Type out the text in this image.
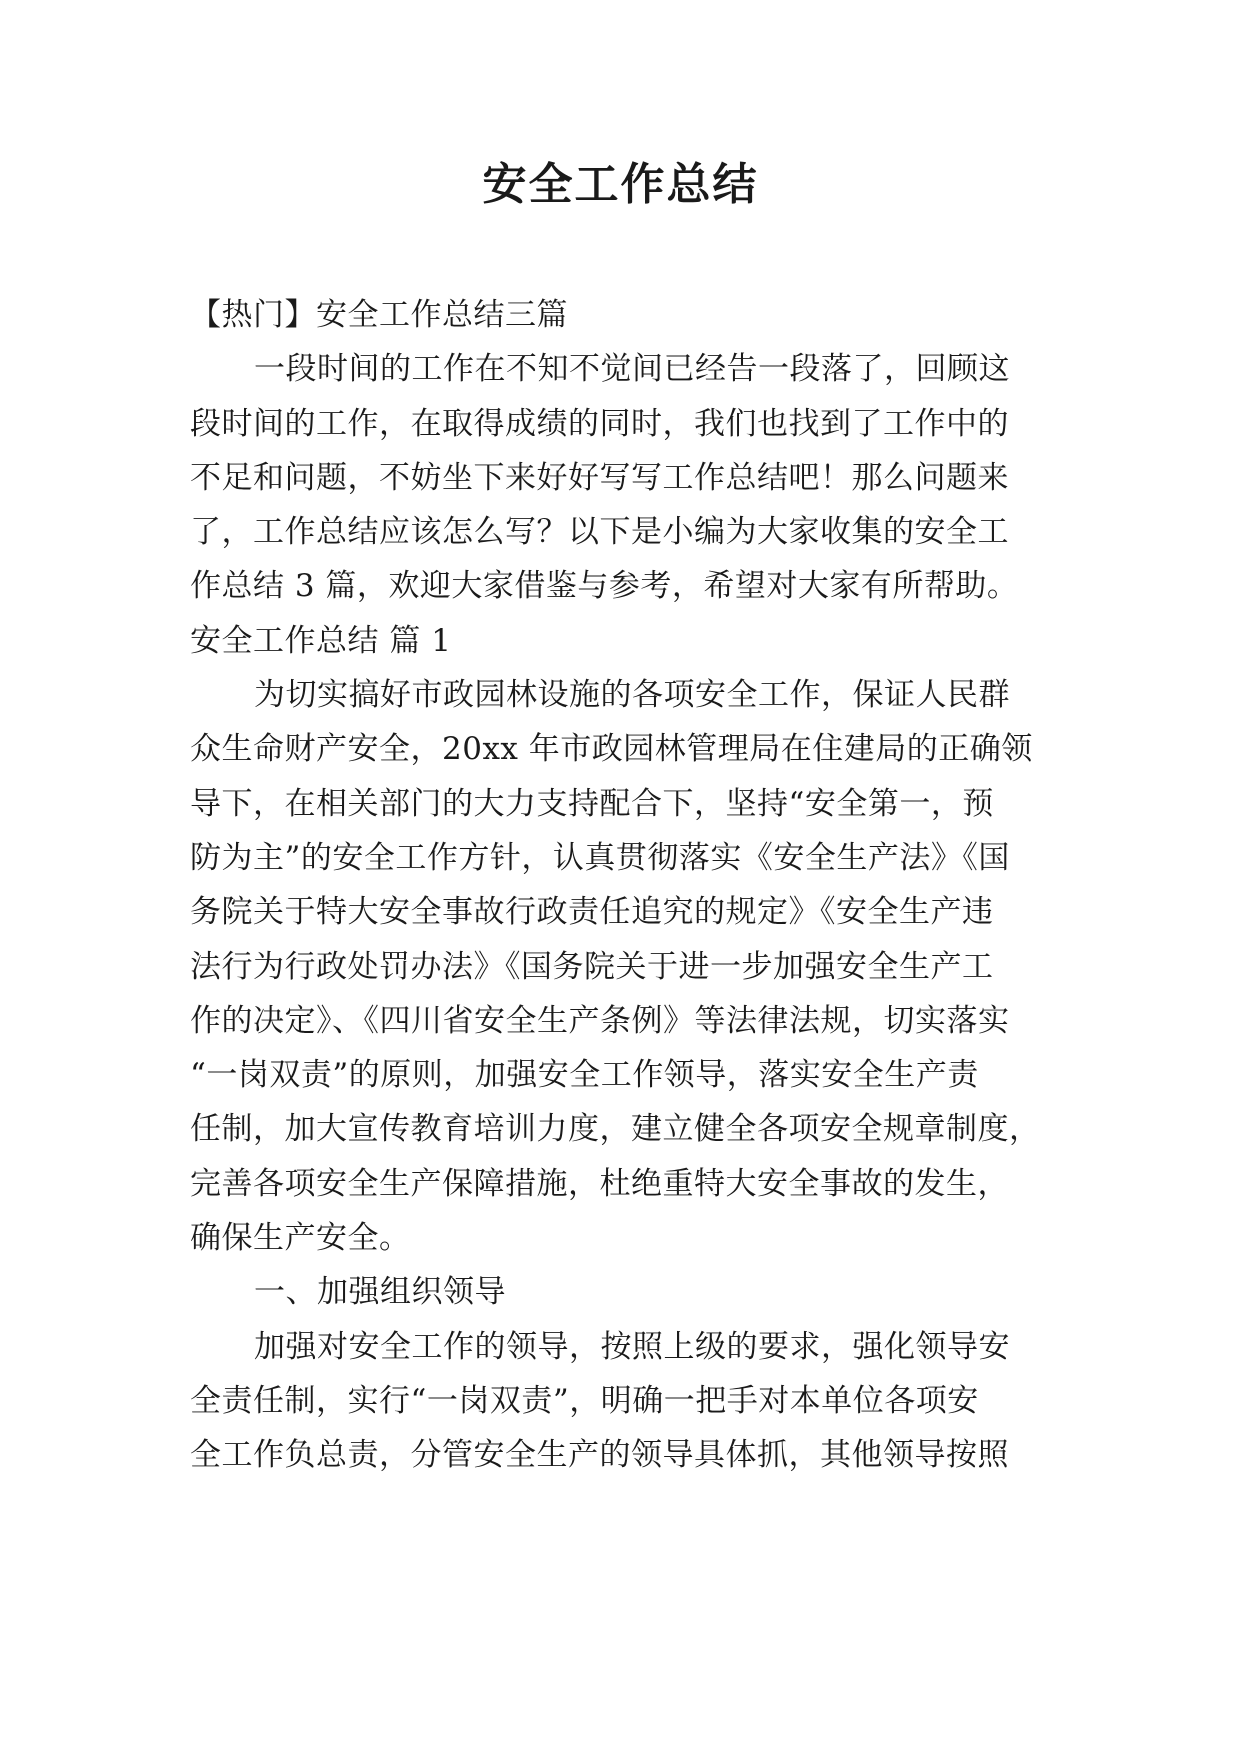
安全工作总结

【热门】安全工作总结三篇

一段时间的工作在不知不觉间已经告一段落了，回顾这

段时间的工作，在取得成绩的同时，我们也找到了工作中的

不足和问题，不妨坐下来好好写写工作总结吧！那么问题来

了，工作总结应该怎么写？以下是小编为大家收集的安全工

作总结 3 篇，欢迎大家借鉴与参考，希望对大家有所帮助。

安全工作总结 篇 1

为切实搞好市政园林设施的各项安全工作，保证人民群

众生命财产安全，20xx 年市政园林管理局在住建局的正确领

导下，在相关部门的大力支持配合下，坚持“安全第一，预

防为主”的安全工作方针，认真贯彻落实《安全生产法》《国

务院关于特大安全事故行政责任追究的规定》《安全生产违

法行为行政处罚办法》《国务院关于进一步加强安全生产工

作的决定》、《四川省安全生产条例》等法律法规，切实落实

“一岗双责”的原则，加强安全工作领导，落实安全生产责

任制，加大宣传教育培训力度，建立健全各项安全规章制度，

完善各项安全生产保障措施，杜绝重特大安全事故的发生，

确保生产安全。

一、加强组织领导

加强对安全工作的领导，按照上级的要求，强化领导安

全责任制，实行“一岗双责”，明确一把手对本单位各项安

全工作负总责，分管安全生产的领导具体抓，其他领导按照
